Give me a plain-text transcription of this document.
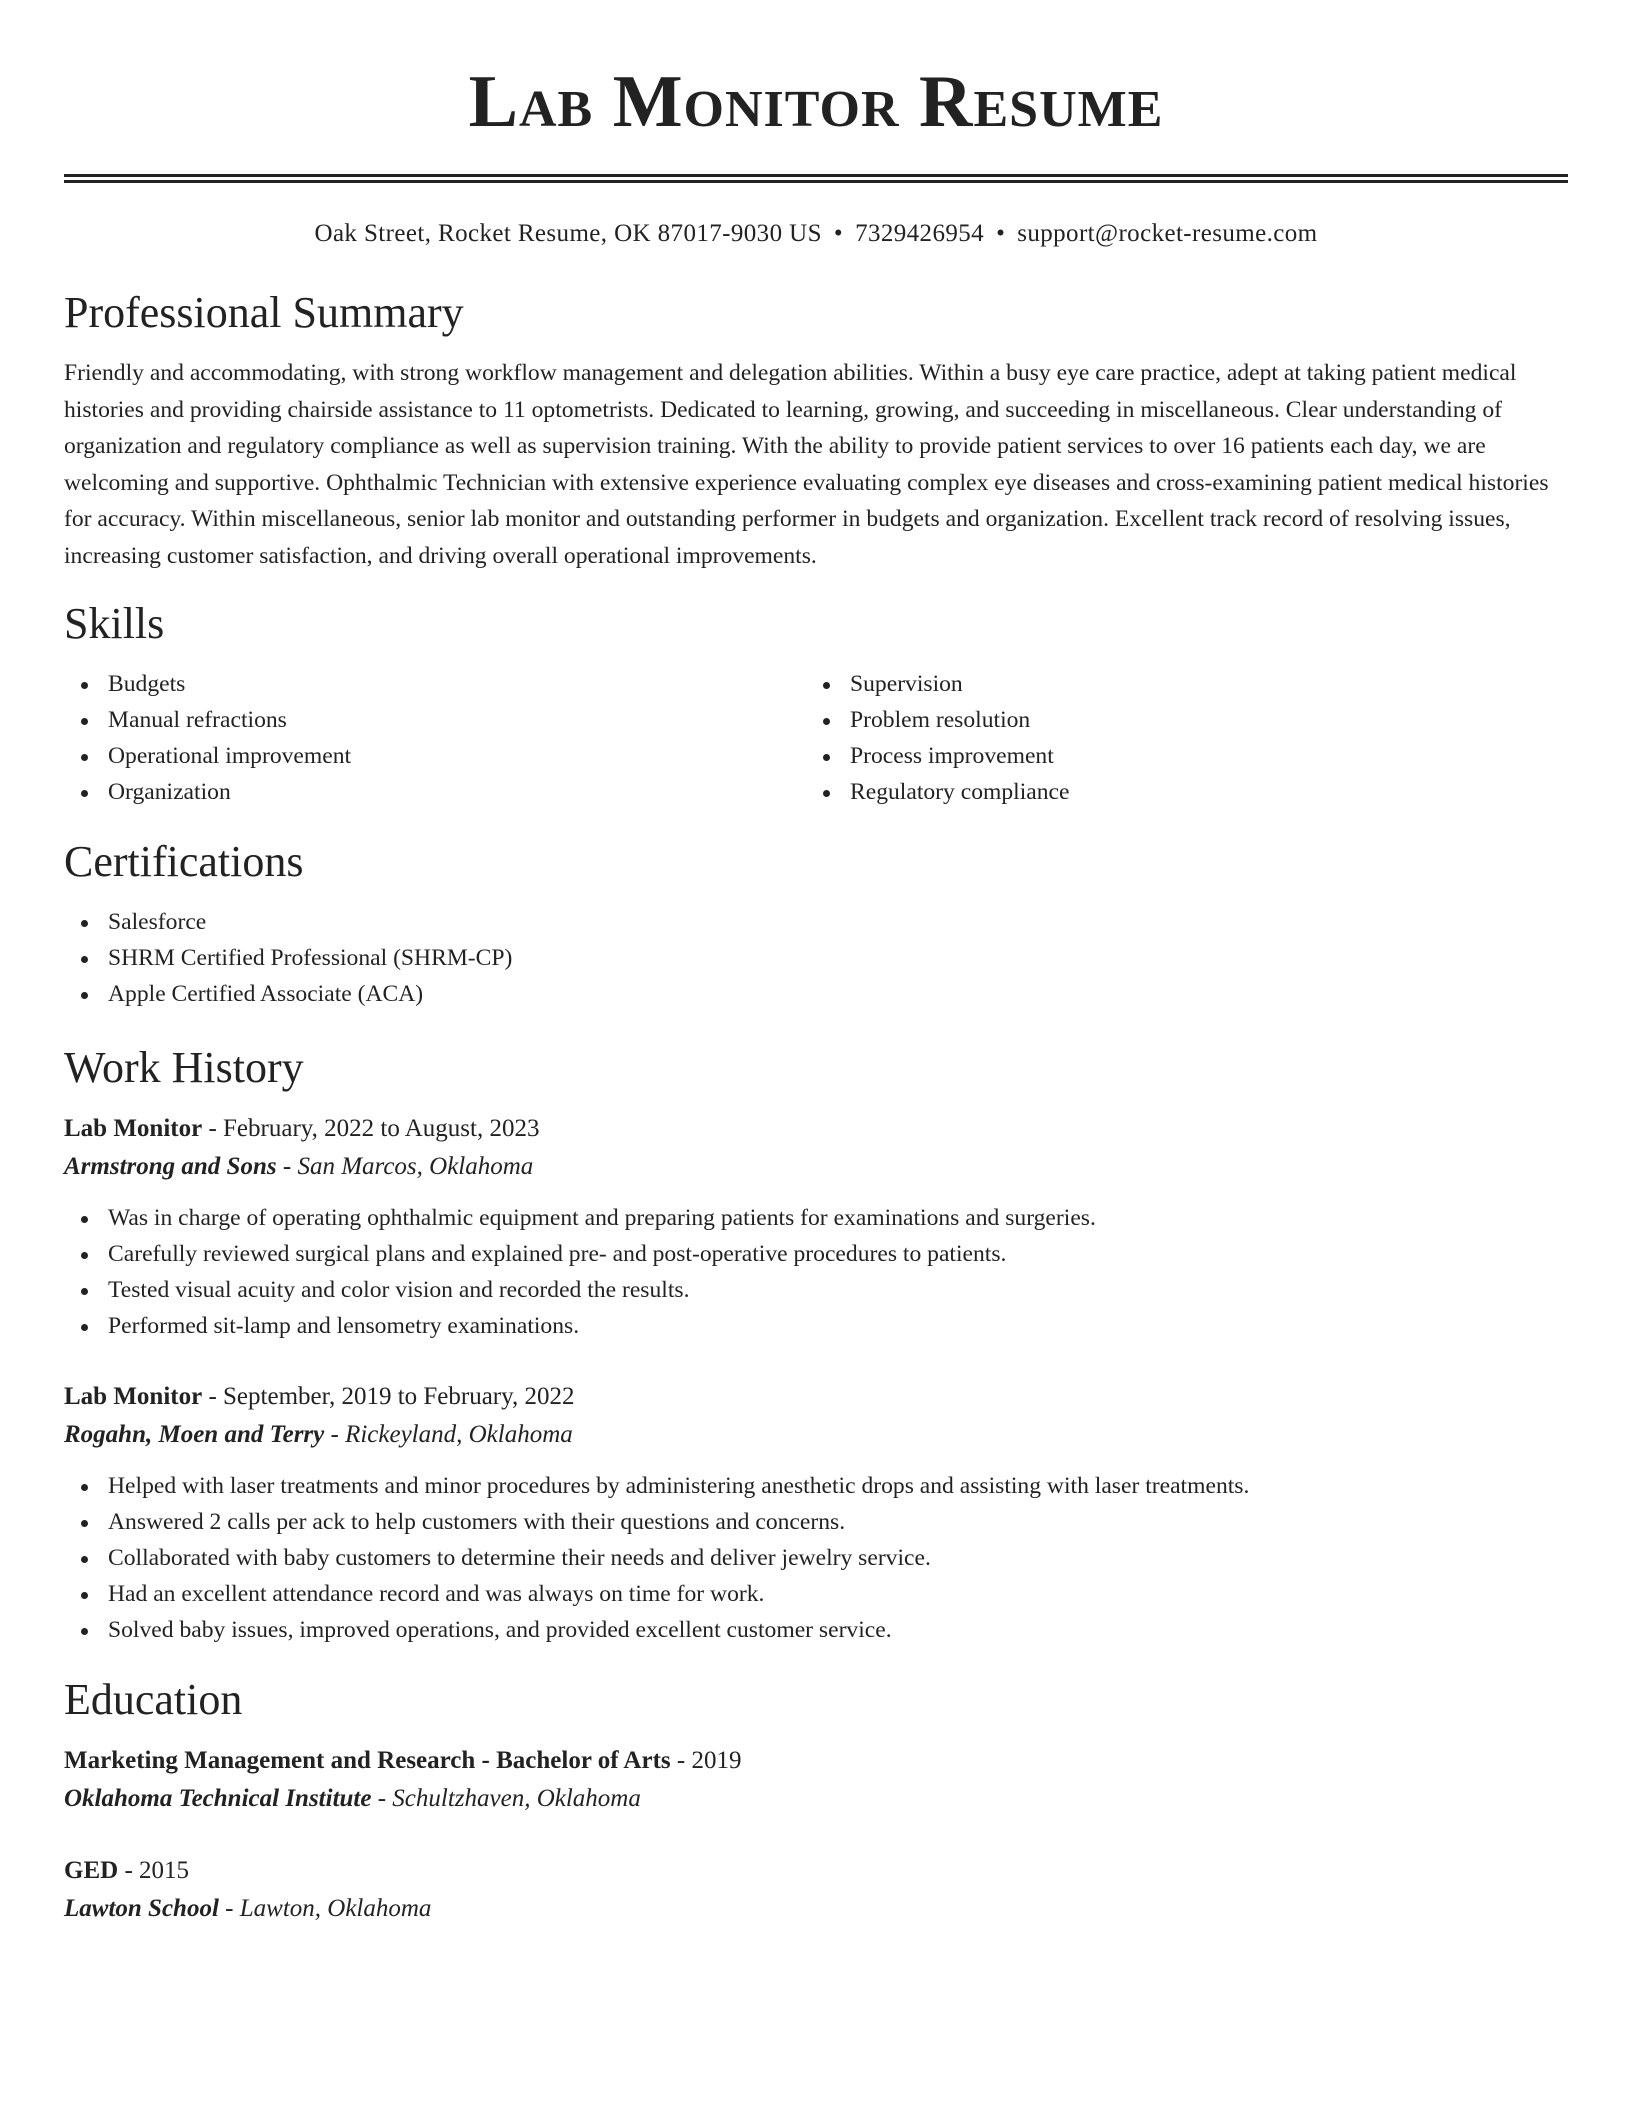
Lab Monitor Resume
Oak Street, Rocket Resume, OK 87017-9030 US • 7329426954 • support@rocket-resume.com
Professional Summary

Friendly and accommodating, with strong workflow management and delegation abilities. Within a busy eye care practice, adept at taking patient medical histories and providing chairside assistance to 11 optometrists. Dedicated to learning, growing, and succeeding in miscellaneous. Clear understanding of organization and regulatory compliance as well as supervision training. With the ability to provide patient services to over 16 patients each day, we are welcoming and supportive. Ophthalmic Technician with extensive experience evaluating complex eye diseases and cross-examining patient medical histories for accuracy. Within miscellaneous, senior lab monitor and outstanding performer in budgets and organization. Excellent track record of resolving issues, increasing customer satisfaction, and driving overall operational improvements.

Skills
Budgets
Manual refractions
Operational improvement
Organization
Supervision
Problem resolution
Process improvement
Regulatory compliance
Certifications
Salesforce
SHRM Certified Professional (SHRM-CP)
Apple Certified Associate (ACA)
Work History
Lab Monitor - February, 2022 to August, 2023
Armstrong and Sons - San Marcos, Oklahoma
Was in charge of operating ophthalmic equipment and preparing patients for examinations and surgeries.
Carefully reviewed surgical plans and explained pre- and post-operative procedures to patients.
Tested visual acuity and color vision and recorded the results.
Performed sit-lamp and lensometry examinations.
Lab Monitor - September, 2019 to February, 2022
Rogahn, Moen and Terry - Rickeyland, Oklahoma
Helped with laser treatments and minor procedures by administering anesthetic drops and assisting with laser treatments.
Answered 2 calls per ack to help customers with their questions and concerns.
Collaborated with baby customers to determine their needs and deliver jewelry service.
Had an excellent attendance record and was always on time for work.
Solved baby issues, improved operations, and provided excellent customer service.
Education
Marketing Management and Research - Bachelor of Arts - 2019
Oklahoma Technical Institute - Schultzhaven, Oklahoma
GED - 2015
Lawton School - Lawton, Oklahoma
